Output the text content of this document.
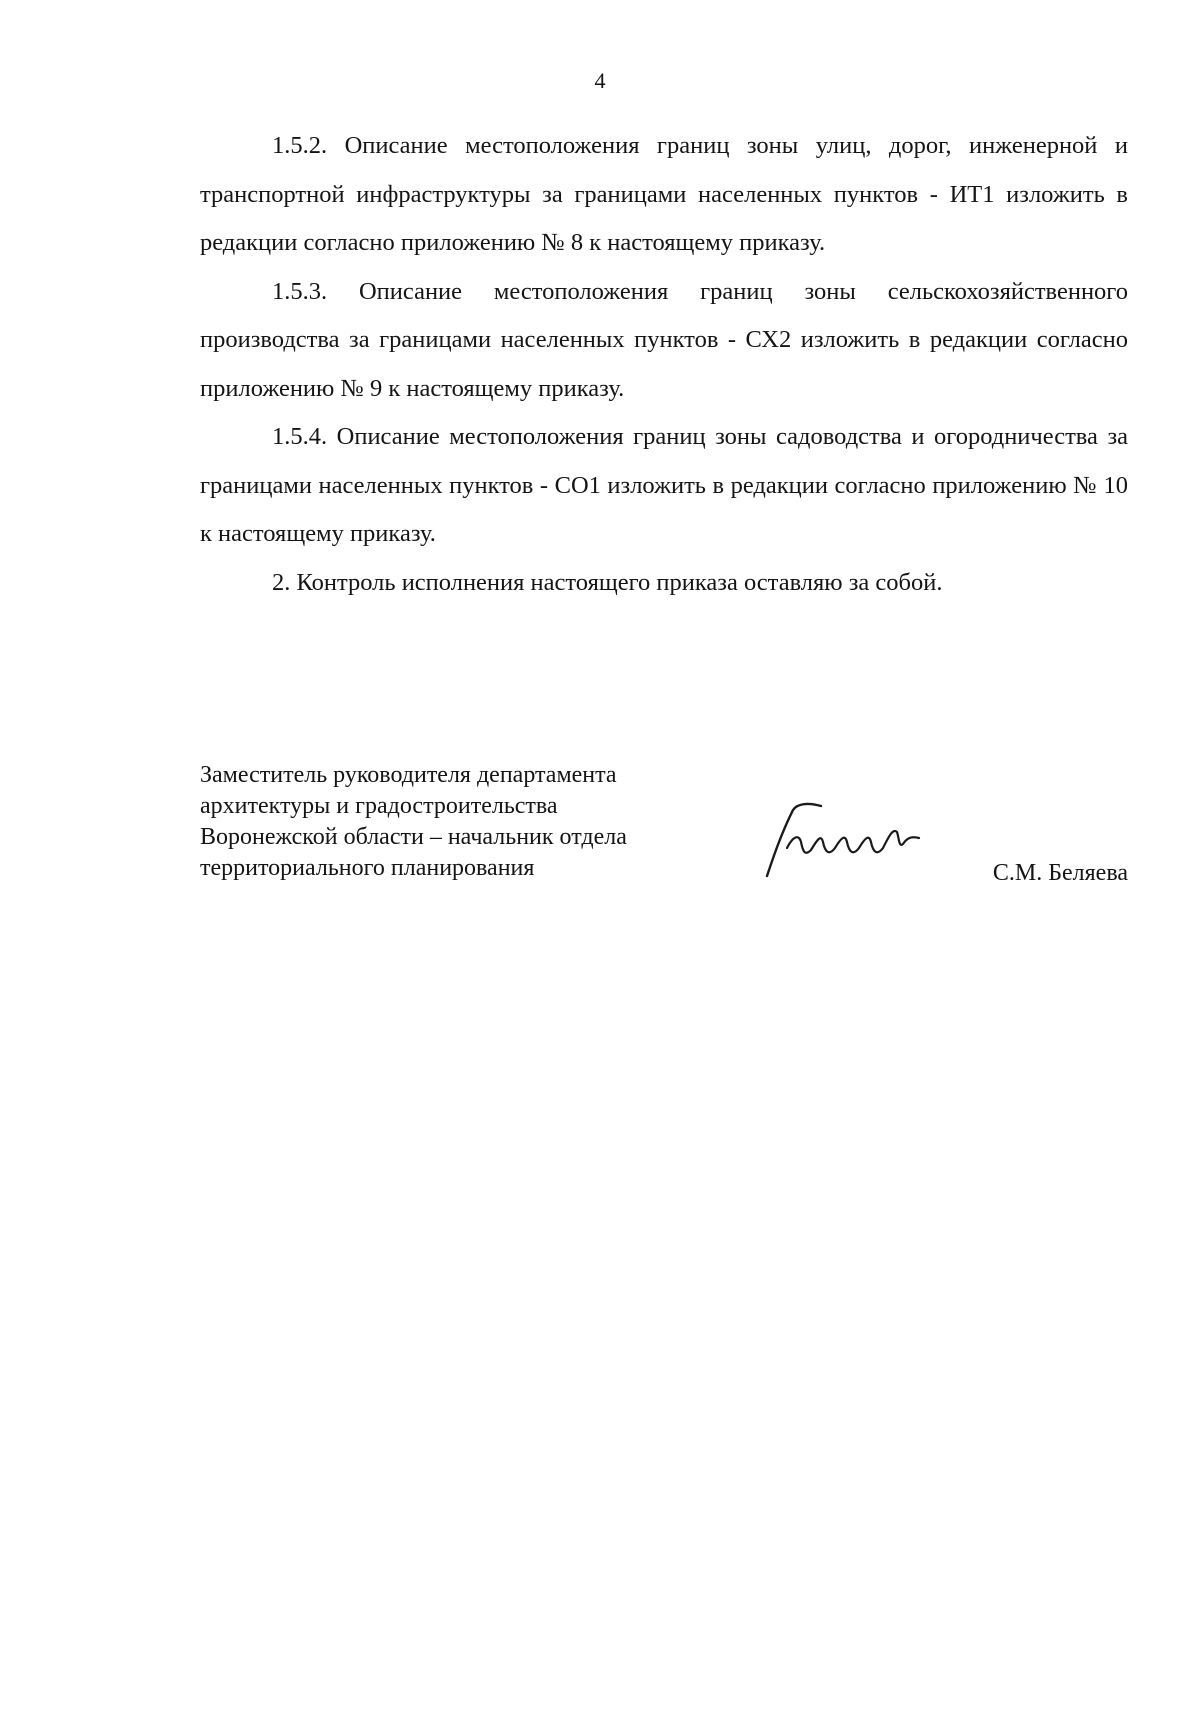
4

1.5.2. Описание местоположения границ зоны улиц, дорог, инженерной и транспортной инфраструктуры за границами населенных пунктов - ИТ1 изложить в редакции согласно приложению № 8 к настоящему приказу.

1.5.3. Описание местоположения границ зоны сельскохозяйственного производства за границами населенных пунктов - СХ2 изложить в редакции согласно приложению № 9 к настоящему приказу.

1.5.4. Описание местоположения границ зоны садоводства и огородничества за границами населенных пунктов - СО1 изложить в редакции согласно приложению № 10 к настоящему приказу.

2. Контроль исполнения настоящего приказа оставляю за собой.

Заместитель руководителя департамента
архитектуры и градостроительства
Воронежской области – начальник отдела
территориального планирования	С.М. Беляева
